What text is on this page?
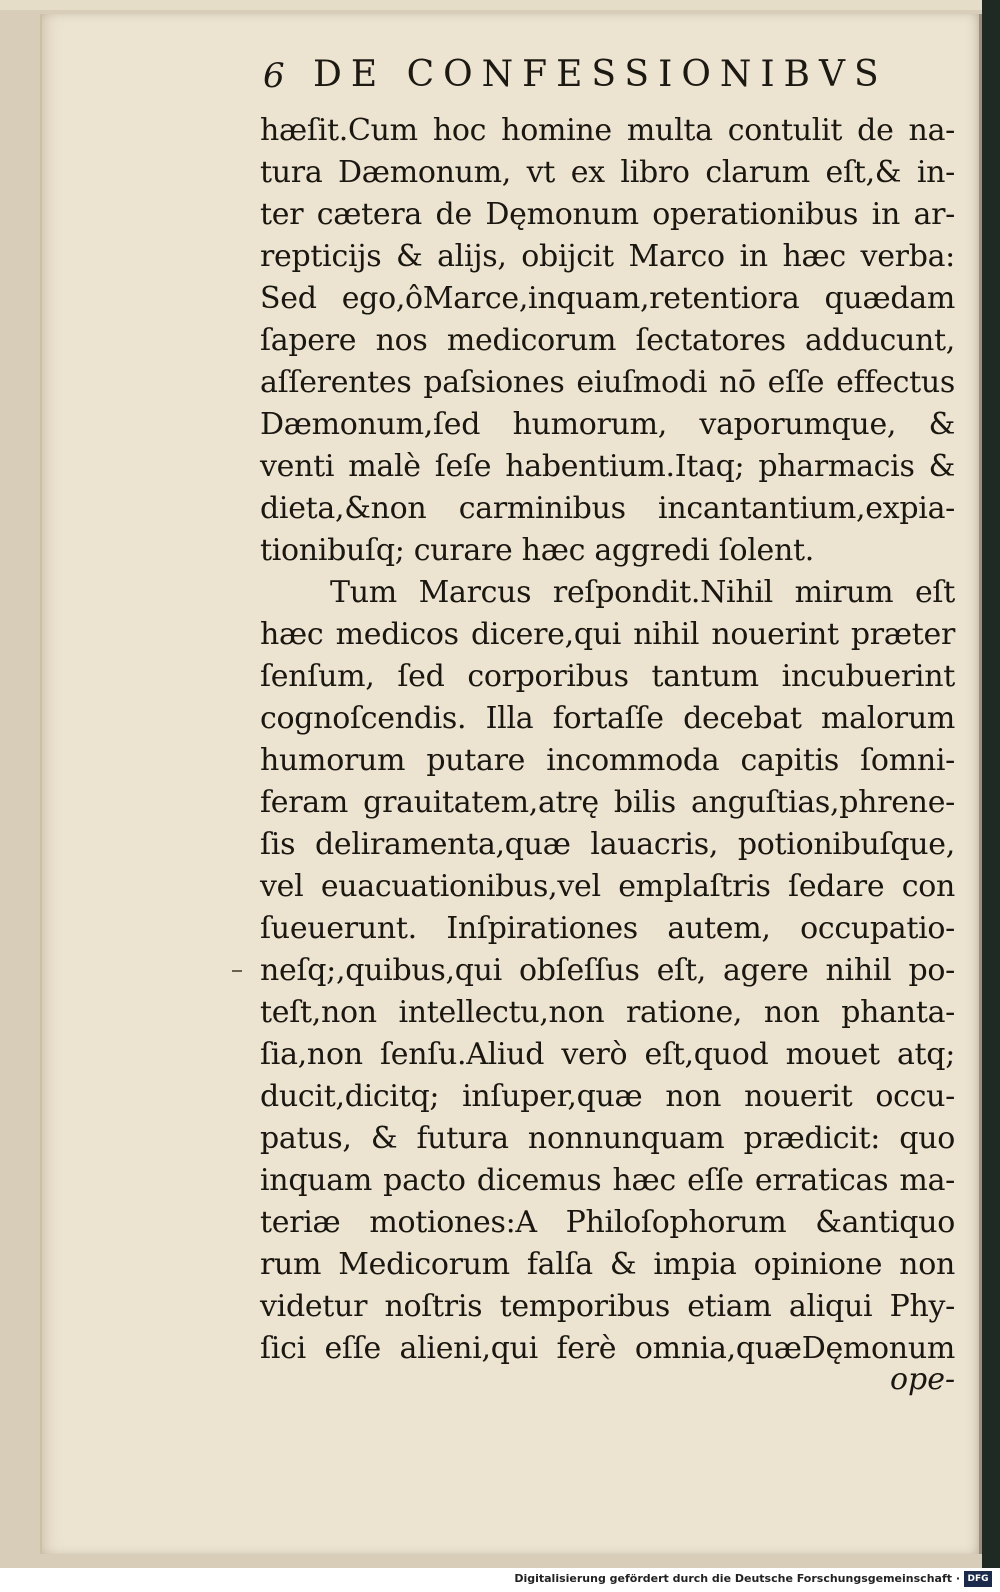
6 DE CONFESSIONIBVS
hæſit.Cum hoc homine multa contulit de na-
tura Dæmonum, vt ex libro clarum eſt,& in-
ter cætera de Dęmonum operationibus in ar-
repticijs & alijs, obijcit Marco in hæc verba:
Sed ego,ôMarce,inquam,retentiora quædam
ſapere nos medicorum ſectatores adducunt,
aſſerentes paſsiones eiuſmodi nō eſſe effectus
Dæmonum,ſed humorum, vaporumque, &
venti malè ſeſe habentium.Itaq; pharmacis &
dieta,&non carminibus incantantium,expia-
tionibuſq; curare hæc aggredi ſolent.
Tum Marcus reſpondit.Nihil mirum eſt
hæc medicos dicere,qui nihil nouerint præter
ſenſum, ſed corporibus tantum incubuerint
cognoſcendis. Illa fortaſſe decebat malorum
humorum putare incommoda capitis ſomni-
feram grauitatem,atrę bilis anguſtias,phrene-
ſis deliramenta,quæ lauacris, potionibuſque,
vel euacuationibus,vel emplaſtris ſedare con
ſueuerunt. Inſpirationes autem, occupatio-
neſq;,quibus,qui obſeſſus eſt, agere nihil po-
teſt,non intellectu,non ratione, non phanta-
ſia,non ſenſu.Aliud verò eſt,quod mouet atq;
ducit,dicitq; inſuper,quæ non nouerit occu-
patus, & futura nonnunquam prædicit: quo
inquam pacto dicemus hæc eſſe erraticas ma-
teriæ motiones:A Philoſophorum &antiquo
rum Medicorum falſa & impia opinione non
videtur noſtris temporibus etiam aliqui Phy-
ſici eſſe alieni,qui ferè omnia,quæDęmonum
ope-
Digitalisierung gefördert durch die Deutsche Forschungsgemeinschaft · DFG
